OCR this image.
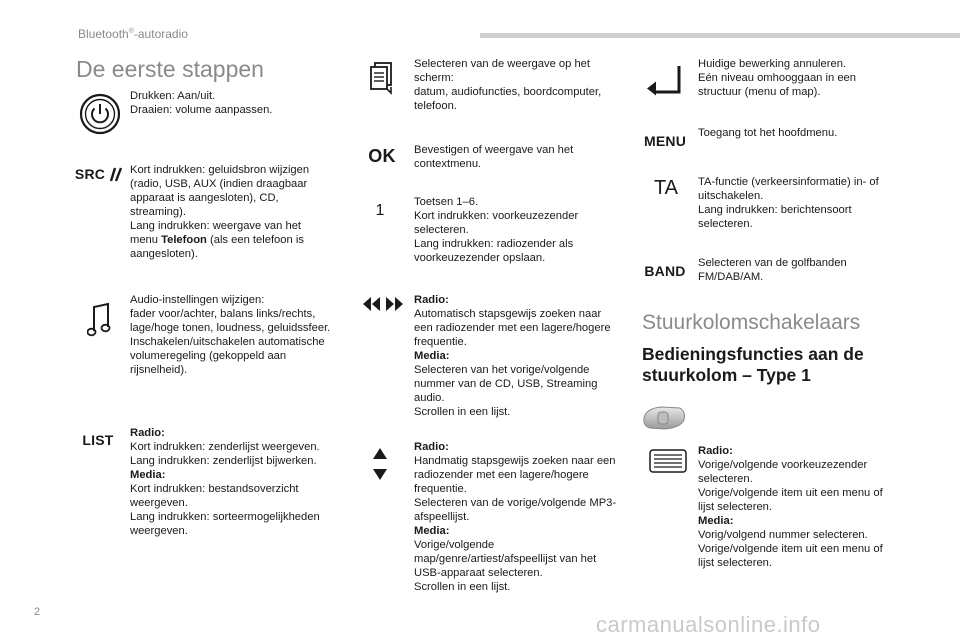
Bluetooth®-autoradio
De eerste stappen
Drukken: Aan/uit.
Draaien: volume aanpassen.
SRC Kort indrukken: geluidsbron wijzigen (radio, USB, AUX (indien draagbaar apparaat is aangesloten), CD, streaming).
Lang indrukken: weergave van het menu Telefoon (als een telefoon is aangesloten).
Audio-instellingen wijzigen:
fader voor/achter, balans links/rechts, lage/hoge tonen, loudness, geluidssfeer.
Inschakelen/uitschakelen automatische volumeregeling (gekoppeld aan rijsnelheid).
LIST Radio:
Kort indrukken: zenderlijst weergeven.
Lang indrukken: zenderlijst bijwerken.
Media:
Kort indrukken: bestandsoverzicht weergeven.
Lang indrukken: sorteermogelijkheden weergeven.
Selecteren van de weergave op het scherm:
datum, audiofuncties, boordcomputer, telefoon.
OK Bevestigen of weergave van het contextmenu.
1	Toetsen 1–6.
Kort indrukken: voorkeuzezender selecteren.
Lang indrukken: radiozender als voorkeuzezender opslaan.
Radio:
Automatisch stapsgewijs zoeken naar een radiozender met een lagere/hogere frequentie.
Media:
Selecteren van het vorige/volgende nummer van de CD, USB, Streaming audio.
Scrollen in een lijst.
Radio:
Handmatig stapsgewijs zoeken naar een radiozender met een lagere/hogere frequentie.
Selecteren van de vorige/volgende MP3-afspeellijst.
Media:
Vorige/volgende map/genre/artiest/afspeellijst van het USB-apparaat selecteren.
Scrollen in een lijst.
Huidige bewerking annuleren.
Eén niveau omhooggaan in een structuur (menu of map).
MENU Toegang tot het hoofdmenu.
TA TA-functie (verkeersinformatie) in- of uitschakelen.
Lang indrukken: berichtensoort selecteren.
BAND Selecteren van de golfbanden FM/DAB/AM.
Stuurkolomschakelaars
Bedieningsfuncties aan de
stuurkolom – Type 1
Radio:
Vorige/volgende voorkeuzezender selecteren.
Vorige/volgende item uit een menu of lijst selecteren.
Media:
Vorig/volgend nummer selecteren.
Vorige/volgende item uit een menu of lijst selecteren.
2	carmanualsonline.info
